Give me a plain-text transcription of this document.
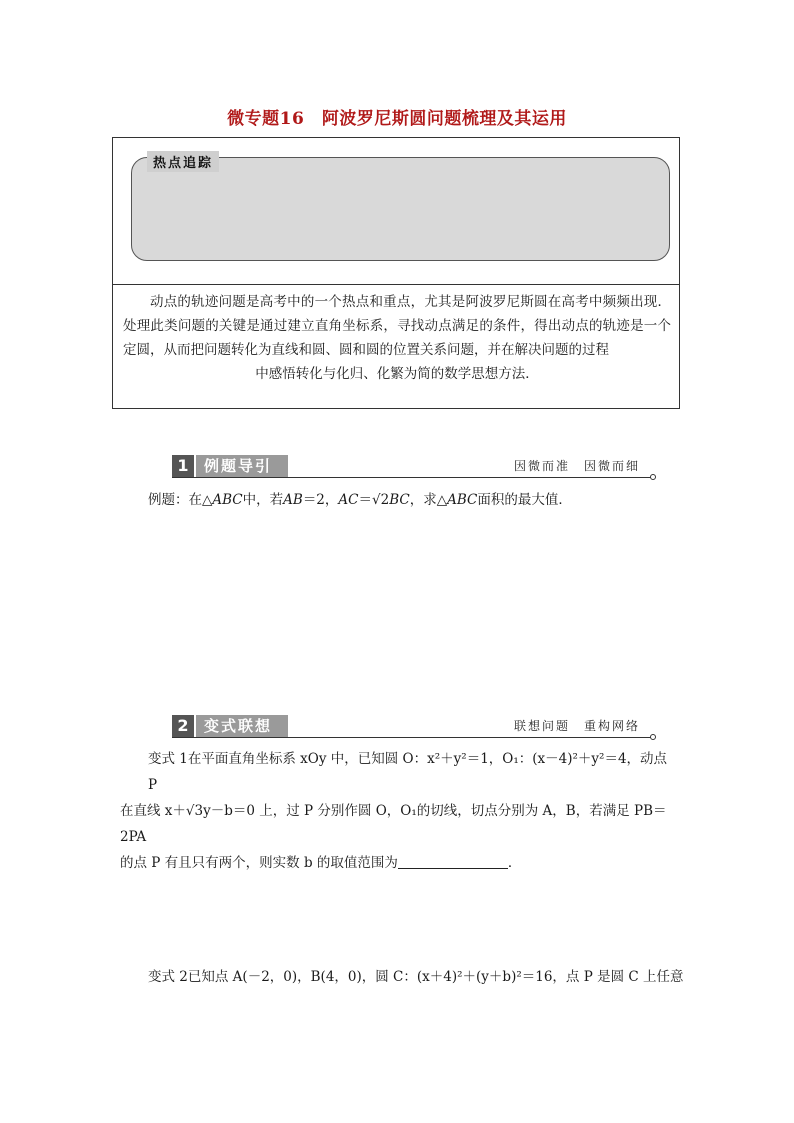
微专题16　阿波罗尼斯圆问题梳理及其运用
热点追踪
动点的轨迹问题是高考中的一个热点和重点，尤其是阿波罗尼斯圆在高考中频频出现．处理此类问题的关键是通过建立直角坐标系，寻找动点满足的条件，得出动点的轨迹是一个定圆，从而把问题转化为直线和圆、圆和圆的位置关系问题，并在解决问题的过程
中感悟转化与化归、化繁为简的数学思想方法．
1	例题导引	因微而准　因微而细
例题：在△ABC中，若AB＝2，AC＝√2BC，求△ABC面积的最大值．
2	变式联想	联想问题　重构网络
变式 1在平面直角坐标系 xOy 中，已知圆 O：x²＋y²＝1，O₁：(x－4)²＋y²＝4，动点 P
在直线 x＋√3y－b＝0 上，过 P 分别作圆 O，O₁的切线，切点分别为 A，B，若满足 PB＝2PA
的点 P 有且只有两个，则实数 b 的取值范围为	．
变式 2已知点 A(－2，0)，B(4，0)，圆 C：(x＋4)²＋(y＋b)²＝16，点 P 是圆 C 上任意
